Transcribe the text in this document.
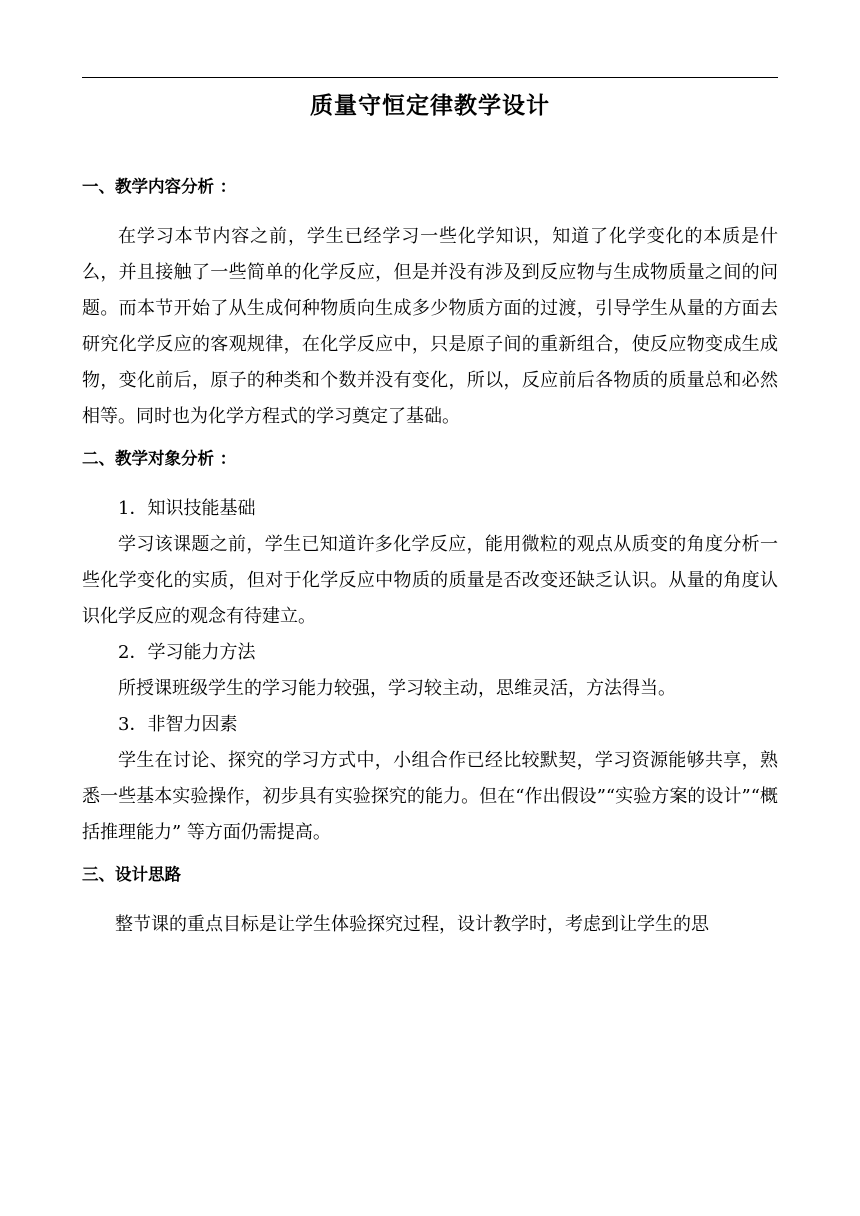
质量守恒定律教学设计
一、教学内容分析 ：

在学习本节内容之前，学生已经学习一些化学知识，知道了化学变化的本质是什么，并且接触了一些简单的化学反应，但是并没有涉及到反应物与生成物质量之间的问题。而本节开始了从生成何种物质向生成多少物质方面的过渡，引导学生从量的方面去研究化学反应的客观规律，在化学反应中，只是原子间的重新组合，使反应物变成生成物，变化前后，原子的种类和个数并没有变化，所以，反应前后各物质的质量总和必然相等。同时也为化学方程式的学习奠定了基础。

二、教学对象分析 ：

1．知识技能基础

学习该课题之前，学生已知道许多化学反应，能用微粒的观点从质变的角度分析一些化学变化的实质，但对于化学反应中物质的质量是否改变还缺乏认识。从量的角度认识化学反应的观念有待建立。

2．学习能力方法

所授课班级学生的学习能力较强，学习较主动，思维灵活，方法得当。

3．非智力因素

学生在讨论、探究的学习方式中，小组合作已经比较默契，学习资源能够共享，熟悉一些基本实验操作，初步具有实验探究的能力。但在“作出假设”“实验方案的设计”“概括推理能力” 等方面仍需提高。

三、设计思路

整节课的重点目标是让学生体验探究过程，设计教学时，考虑到让学生的思
